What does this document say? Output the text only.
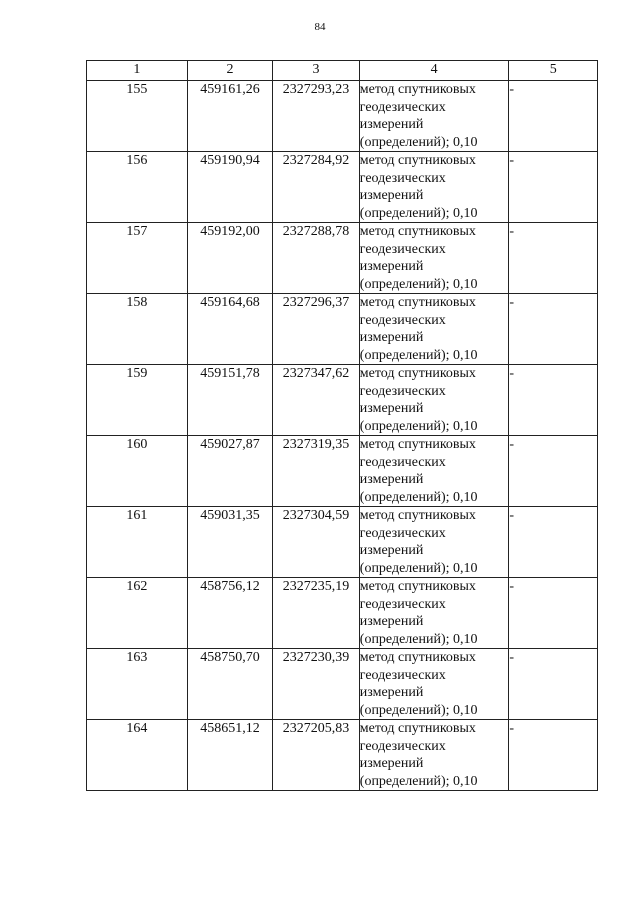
84
1	2	3	4	5
155	459161,26	2327293,23	метод спутниковых
геодезических
измерений
(определений); 0,10	-
156	459190,94	2327284,92	метод спутниковых
геодезических
измерений
(определений); 0,10	-
157	459192,00	2327288,78	метод спутниковых
геодезических
измерений
(определений); 0,10	-
158	459164,68	2327296,37	метод спутниковых
геодезических
измерений
(определений); 0,10	-
159	459151,78	2327347,62	метод спутниковых
геодезических
измерений
(определений); 0,10	-
160	459027,87	2327319,35	метод спутниковых
геодезических
измерений
(определений); 0,10	-
161	459031,35	2327304,59	метод спутниковых
геодезических
измерений
(определений); 0,10	-
162	458756,12	2327235,19	метод спутниковых
геодезических
измерений
(определений); 0,10	-
163	458750,70	2327230,39	метод спутниковых
геодезических
измерений
(определений); 0,10	-
164	458651,12	2327205,83	метод спутниковых
геодезических
измерений
(определений); 0,10	-
